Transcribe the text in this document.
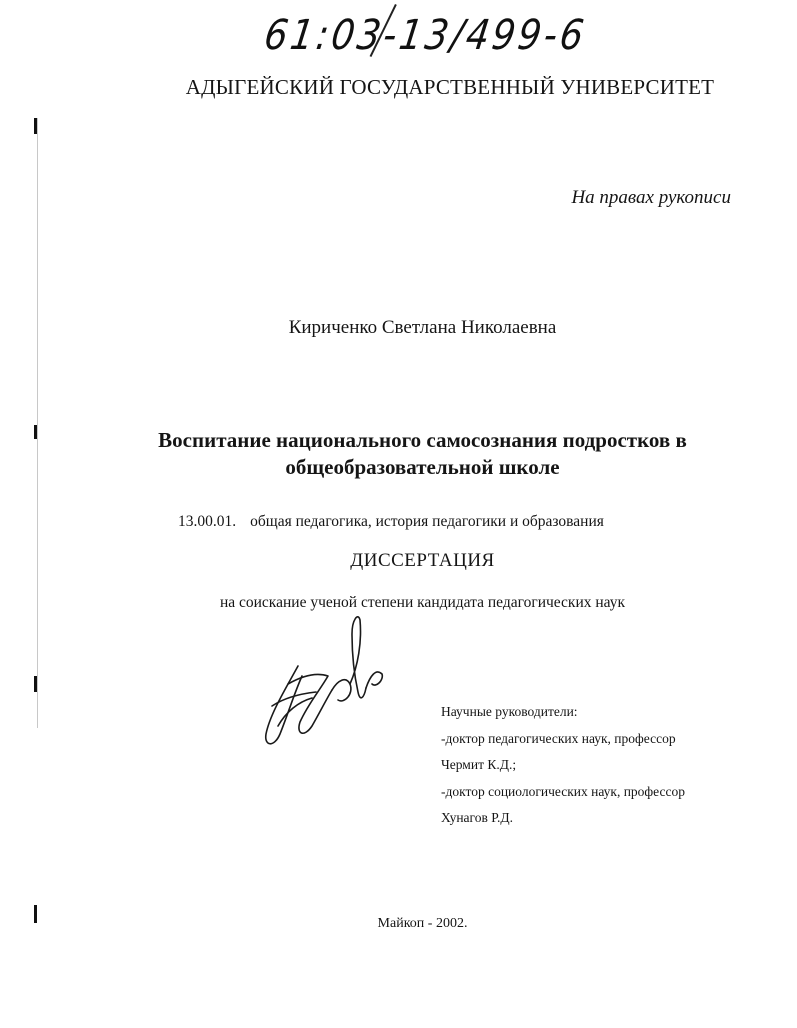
61:03-13/499-6
АДЫГЕЙСКИЙ ГОСУДАРСТВЕННЫЙ УНИВЕРСИТЕТ
На правах рукописи
Кириченко Светлана Николаевна
Воспитание национального самосознания подростков в
общеобразовательной школе
13.00.01. общая педагогика, история педагогики и образования
ДИССЕРТАЦИЯ
на соискание ученой степени кандидата педагогических наук
Научные руководители:
-доктор педагогических наук, профессор
Чермит К.Д.;
-доктор социологических наук, профессор
Хунагов Р.Д.
Майкоп - 2002.
